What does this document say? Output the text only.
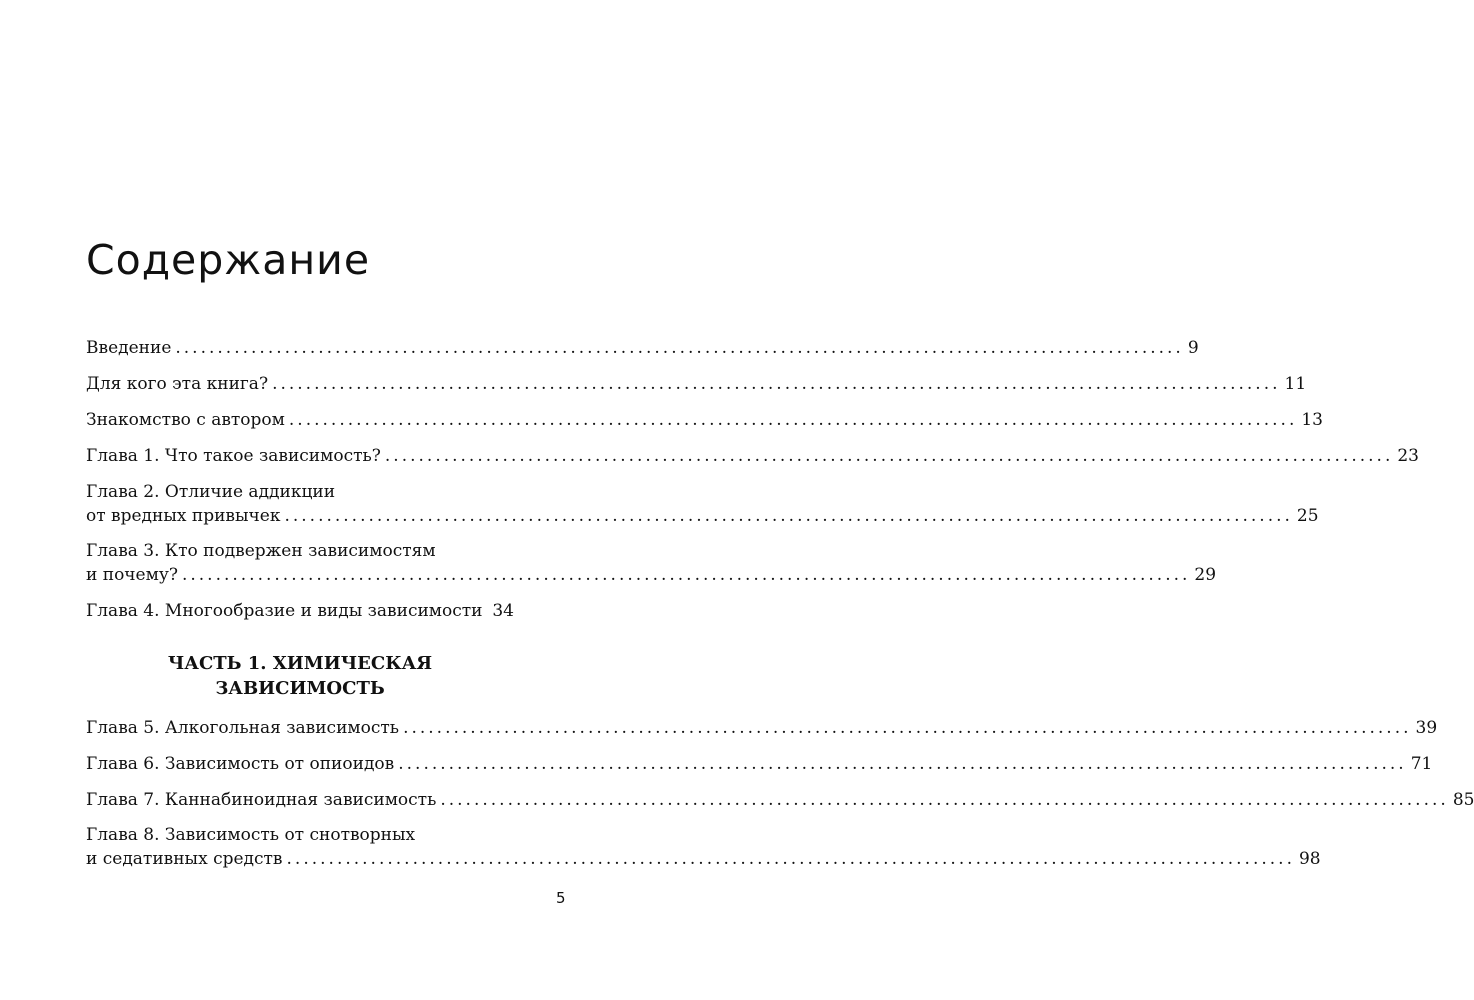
Содержание
Введение ........................................................................................................................ 9
Для кого эта книга? ........................................................................................................................ 11
Знакомство с автором ........................................................................................................................ 13
Глава 1. Что такое зависимость? ........................................................................................................................ 23
Глава 2. Отличие аддикции
от вредных привычек ........................................................................................................................ 25
Глава 3. Кто подвержен зависимостям
и почему? ........................................................................................................................ 29
Глава 4. Многообразие и виды зависимости 34
ЧАСТЬ 1. ХИМИЧЕСКАЯ
ЗАВИСИМОСТЬ
Глава 5. Алкогольная зависимость ........................................................................................................................ 39
Глава 6. Зависимость от опиоидов ........................................................................................................................ 71
Глава 7. Каннабиноидная зависимость ........................................................................................................................ 85
Глава 8. Зависимость от снотворных
и седативных средств ........................................................................................................................ 98
5
